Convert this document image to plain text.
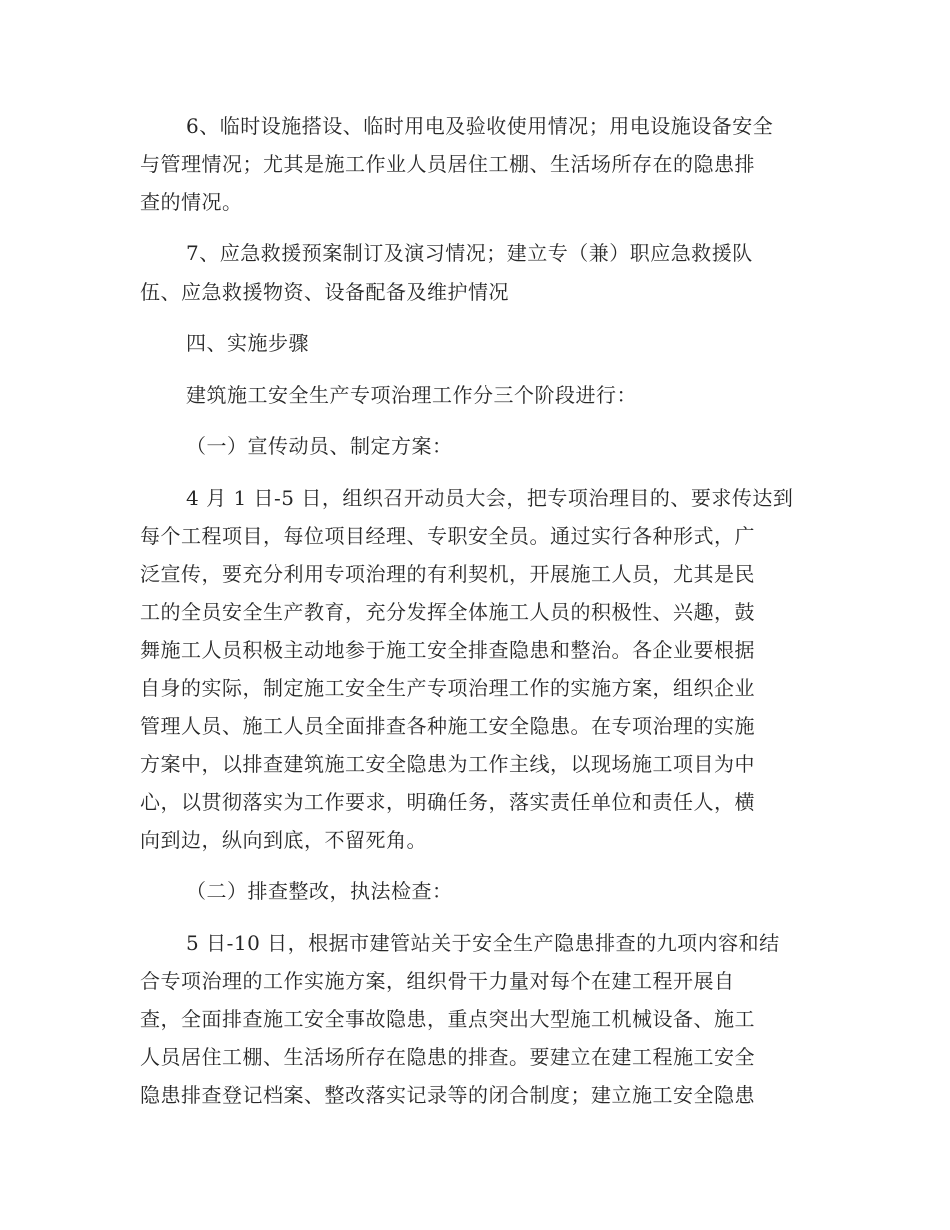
6、临时设施搭设、临时用电及验收使用情况；用电设施设备安全
与管理情况；尤其是施工作业人员居住工棚、生活场所存在的隐患排
查的情况。
7、应急救援预案制订及演习情况；建立专（兼）职应急救援队
伍、应急救援物资、设备配备及维护情况
四、实施步骤
建筑施工安全生产专项治理工作分三个阶段进行：
（一）宣传动员、制定方案：
4 月 1 日-5 日，组织召开动员大会，把专项治理目的、要求传达到
每个工程项目，每位项目经理、专职安全员。通过实行各种形式，广
泛宣传，要充分利用专项治理的有利契机，开展施工人员，尤其是民
工的全员安全生产教育，充分发挥全体施工人员的积极性、兴趣，鼓
舞施工人员积极主动地参于施工安全排查隐患和整治。各企业要根据
自身的实际，制定施工安全生产专项治理工作的实施方案，组织企业
管理人员、施工人员全面排查各种施工安全隐患。在专项治理的实施
方案中，以排查建筑施工安全隐患为工作主线，以现场施工项目为中
心，以贯彻落实为工作要求，明确任务，落实责任单位和责任人，横
向到边，纵向到底，不留死角。
（二）排查整改，执法检查：
5 日-10 日，根据市建管站关于安全生产隐患排查的九项内容和结
合专项治理的工作实施方案，组织骨干力量对每个在建工程开展自
查，全面排查施工安全事故隐患，重点突出大型施工机械设备、施工
人员居住工棚、生活场所存在隐患的排查。要建立在建工程施工安全
隐患排查登记档案、整改落实记录等的闭合制度；建立施工安全隐患
